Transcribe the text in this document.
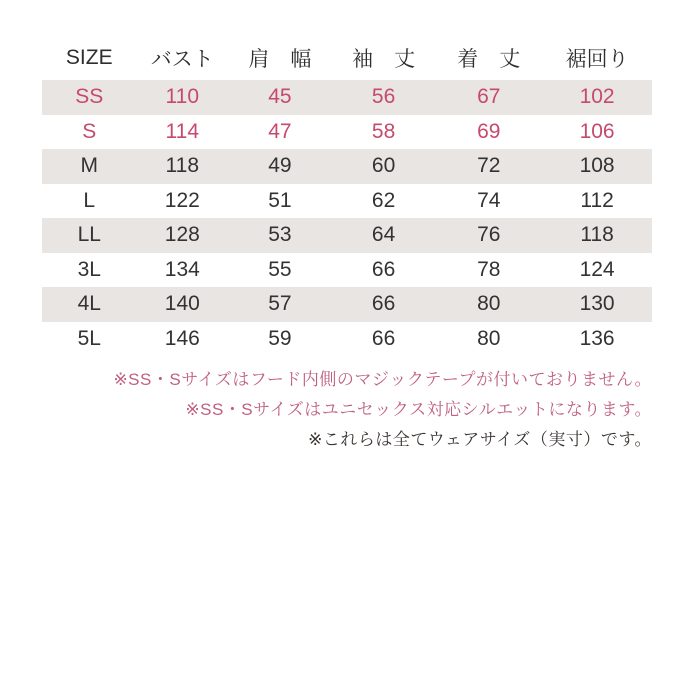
SIZE	バスト	肩　幅	袖　丈	着　丈	裾回り
SS	110	45	56	67	102
S	114	47	58	69	106
M	118	49	60	72	108
L	122	51	62	74	112
LL	128	53	64	76	118
3L	134	55	66	78	124
4L	140	57	66	80	130
5L	146	59	66	80	136
※SS・Sサイズはフード内側のマジックテープが付いておりません。
※SS・Sサイズはユニセックス対応シルエットになります。
※これらは全てウェアサイズ（実寸）です。
